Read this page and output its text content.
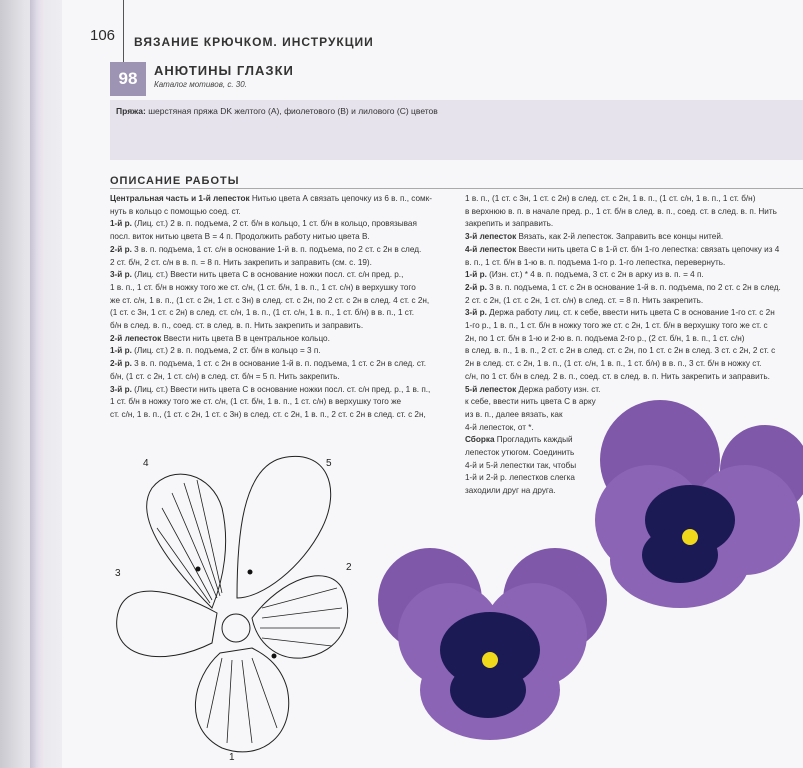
106 ВЯЗАНИЕ КРЮЧКОМ. ИНСТРУКЦИИ
98	АНЮТИНЫ ГЛАЗКИ
Каталог мотивов, с. 30.
Пряжа: шерстяная пряжа DK желтого (А), фиолетового (В) и лилового (С) цветов
ОПИСАНИЕ РАБОТЫ

Центральная часть и 1-й лепесток Нитью цвета А связать цепочку из 6 в. п., сомк-

нуть в кольцо с помощью соед. ст.

1-й р. (Лиц. ст.) 2 в. п. подъема, 2 ст. б/н в кольцо, 1 ст. б/н в кольцо, провязывая

посл. виток нитью цвета В = 4 п. Продолжить работу нитью цвета В.

2-й р. 3 в. п. подъема, 1 ст. с/н в основание 1-й в. п. подъема, по 2 ст. с 2н в след.

2 ст. б/н, 2 ст. с/н в в. п. = 8 п. Нить закрепить и заправить (см. с. 19).

3-й р. (Лиц. ст.) Ввести нить цвета С в основание ножки посл. ст. с/н пред. р.,

1 в. п., 1 ст. б/н в ножку того же ст. с/н, (1 ст. б/н, 1 в. п., 1 ст. с/н) в верхушку того

же ст. с/н, 1 в. п., (1 ст. с 2н, 1 ст. с 3н) в след. ст. с 2н, по 2 ст. с 2н в след. 4 ст. с 2н,

(1 ст. с 3н, 1 ст. с 2н) в след. ст. с/н, 1 в. п., (1 ст. с/н, 1 в. п., 1 ст. б/н) в в. п., 1 ст.

б/н в след. в. п., соед. ст. в след. в. п. Нить закрепить и заправить.

2-й лепесток Ввести нить цвета В в центральное кольцо.

1-й р. (Лиц. ст.) 2 в. п. подъема, 2 ст. б/н в кольцо = 3 п.

2-й р. 3 в. п. подъема, 1 ст. с 2н в основание 1-й в. п. подъема, 1 ст. с 2н в след. ст.

б/н, (1 ст. с 2н, 1 ст. с/н) в след. ст. б/н = 5 п. Нить закрепить.

3-й р. (Лиц. ст.) Ввести нить цвета С в основание ножки посл. ст. с/н пред. р., 1 в. п.,

1 ст. б/н в ножку того же ст. с/н, (1 ст. б/н, 1 в. п., 1 ст. с/н) в верхушку того же

ст. с/н, 1 в. п., (1 ст. с 2н, 1 ст. с 3н) в след. ст. с 2н, 1 в. п., 2 ст. с 2н в след. ст. с 2н,

1 в. п., (1 ст. с 3н, 1 ст. с 2н) в след. ст. с 2н, 1 в. п., (1 ст. с/н, 1 в. п., 1 ст. б/н)

в верхнюю в. п. в начале пред. р., 1 ст. б/н в след. в. п., соед. ст. в след. в. п. Нить

закрепить и заправить.

3-й лепесток Вязать, как 2-й лепесток. Заправить все концы нитей.

4-й лепесток Ввести нить цвета С в 1-й ст. б/н 1-го лепестка: связать цепочку из 4

в. п., 1 ст. б/н в 1-ю в. п. подъема 1-го р. 1-го лепестка, перевернуть.

1-й р. (Изн. ст.) * 4 в. п. подъема, 3 ст. с 2н в арку из в. п. = 4 п.

2-й р. 3 в. п. подъема, 1 ст. с 2н в основание 1-й в. п. подъема, по 2 ст. с 2н в след.

2 ст. с 2н, (1 ст. с 2н, 1 ст. с/н) в след. ст. = 8 п. Нить закрепить.

3-й р. Держа работу лиц. ст. к себе, ввести нить цвета С в основание 1-го ст. с 2н

1-го р., 1 в. п., 1 ст. б/н в ножку того же ст. с 2н, 1 ст. б/н в верхушку того же ст. с

2н, по 1 ст. б/н в 1-ю и 2-ю в. п. подъема 2-го р., (2 ст. б/н, 1 в. п., 1 ст. с/н)

в след. в. п., 1 в. п., 2 ст. с 2н в след. ст. с 2н, по 1 ст. с 2н в след. 3 ст. с 2н, 2 ст. с

2н в след. ст. с 2н, 1 в. п., (1 ст. с/н, 1 в. п., 1 ст. б/н) в в. п., 3 ст. б/н в ножку ст.

с/н, по 1 ст. б/н в след. 2 в. п., соед. ст. в след. в. п. Нить закрепить и заправить.

5-й лепесток Держа работу изн. ст.

к себе, ввести нить цвета С в арку

из в. п., далее вязать, как

4-й лепесток, от *.

Сборка Прогладить каждый

лепесток утюгом. Соединить

4-й и 5-й лепестки так, чтобы

1-й и 2-й р. лепестков слегка

заходили друг на друга.

4	5
3
2
1
